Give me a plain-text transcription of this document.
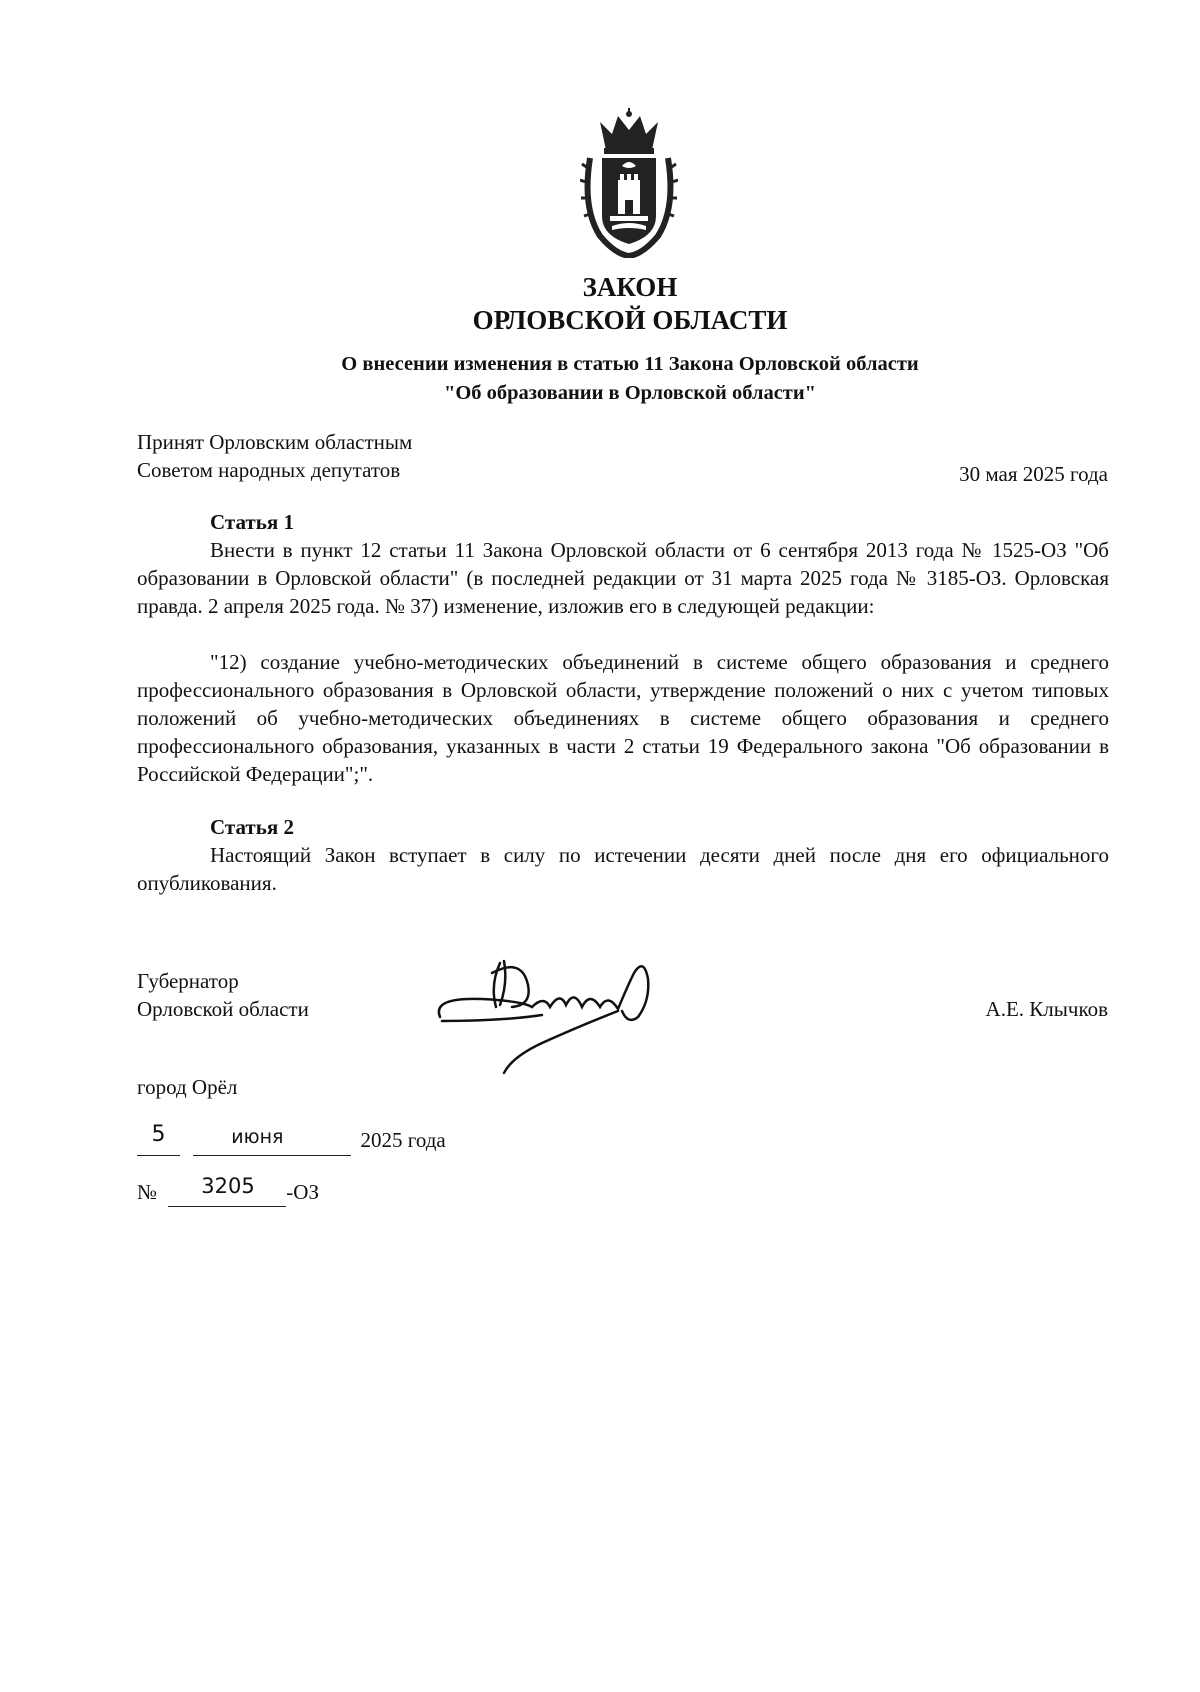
ЗАКОН
ОРЛОВСКОЙ ОБЛАСТИ
О внесении изменения в статью 11 Закона Орловской области
"Об образовании в Орловской области"
Принят Орловским областным
Советом народных депутатов	30 мая 2025 года
Статья 1
Внести в пункт 12 статьи 11 Закона Орловской области от 6 сентября 2013 года № 1525-ОЗ "Об образовании в Орловской области" (в последней редакции от 31 марта 2025 года № 3185-ОЗ. Орловская правда. 2 апреля 2025 года. № 37) изменение, изложив его в следующей редакции:
"12) создание учебно-методических объединений в системе общего образования и среднего профессионального образования в Орловской области, утверждение положений о них с учетом типовых положений об учебно-методических объединениях в системе общего образования и среднего профессионального образования, указанных в части 2 статьи 19 Федерального закона "Об образовании в Российской Федерации";".
Статья 2
Настоящий Закон вступает в силу по истечении десяти дней после дня его официального опубликования.
Губернатор
Орловской области	А.Е. Клычков
город Орёл
5	июня	2025 года
№ 3205 -ОЗ
